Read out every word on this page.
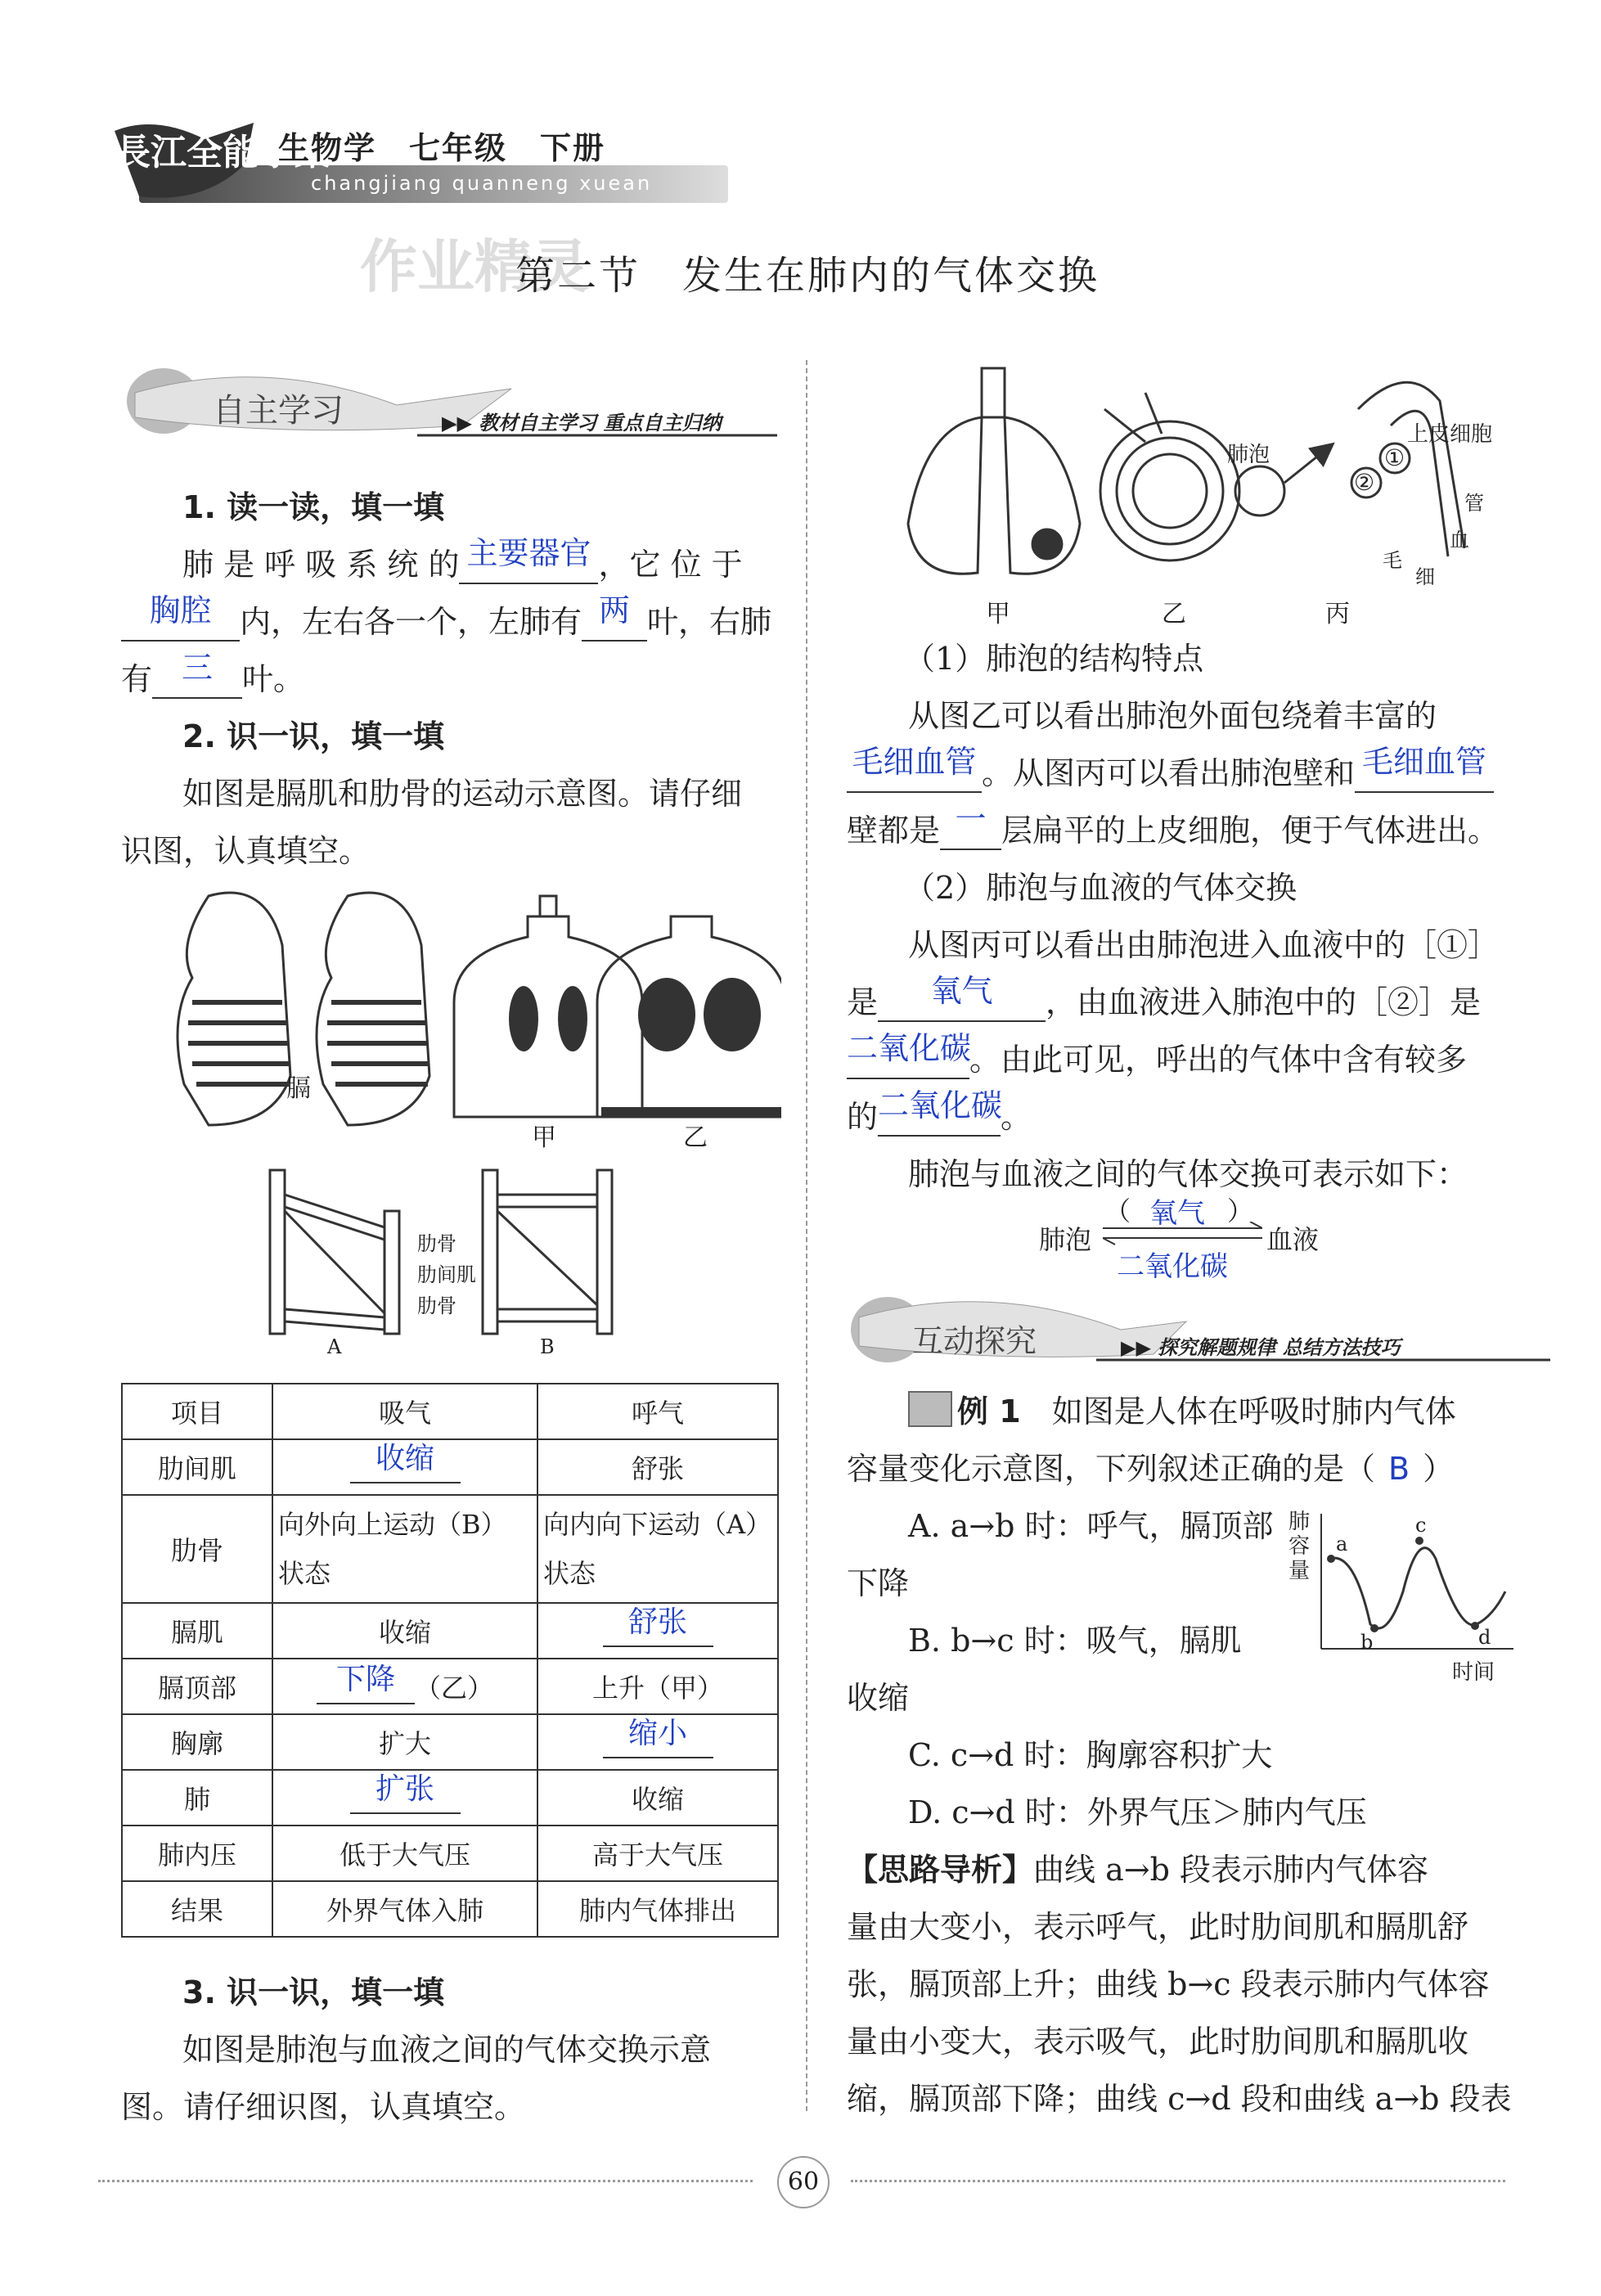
長江全能学案
生物学　七年级　下册
changjiang quanneng xuean
作业精灵
第二节　发生在肺内的气体交换
自主学习	▶▶ 教材自主学习 重点自主归纳
1. 读一读，填一填
肺 是 呼 吸 系 统 的 主要器官 ，它 位 于
胸腔 内，左右各一个，左肺有 两 叶，右肺
有 三 叶。
2. 识一识，填一填
如图是膈肌和肋骨的运动示意图。请仔细
识图，认真填空。
膈
甲	乙
肋骨
肋间肌
肋骨
A	B
项目	吸气	呼气
肋间肌	收缩	舒张
肋骨	向外向上运动（B）状态	向内向下运动（A）状态
膈肌	收缩	舒张
膈顶部	下降 （乙）	上升（甲）
胸廓	扩大	缩小
肺	扩张	收缩
肺内压	低于大气压	高于大气压
结果	外界气体入肺	肺内气体排出
3. 识一识，填一填
如图是肺泡与血液之间的气体交换示意
图。请仔细识图，认真填空。
肺泡
上皮细胞
②
①
毛
细
血
管
甲	乙	丙
（1）肺泡的结构特点
从图乙可以看出肺泡外面包绕着丰富的
毛细血管 。从图丙可以看出肺泡壁和 毛细血管
壁都是 一 层扁平的上皮细胞，便于气体进出。
（2）肺泡与血液的气体交换
从图丙可以看出由肺泡进入血液中的［①］
是 氧气 ，由血液进入肺泡中的［②］是
二氧化碳。由此可见，呼出的气体中含有较多
的二氧化碳。
肺泡与血液之间的气体交换可表示如下：
肺泡
（ 氧气 ）
血液
二氧化碳
互动探究	▶▶ 探究解题规律 总结方法技巧
例 1　 如图是人体在呼吸时肺内气体
容量变化示意图，下列叙述正确的是（ B ）
A. a→b 时：呼气，膈顶部
下降
B. b→c 时：吸气，膈肌
收缩
C. c→d 时：胸廓容积扩大
D. c→d 时：外界气压＞肺内气压
肺容量
时间
a
b
c
d
【思路导析】曲线 a→b 段表示肺内气体容
量由大变小，表示呼气，此时肋间肌和膈肌舒
张，膈顶部上升；曲线 b→c 段表示肺内气体容
量由小变大，表示吸气，此时肋间肌和膈肌收
缩，膈顶部下降；曲线 c→d 段和曲线 a→b 段表
60
